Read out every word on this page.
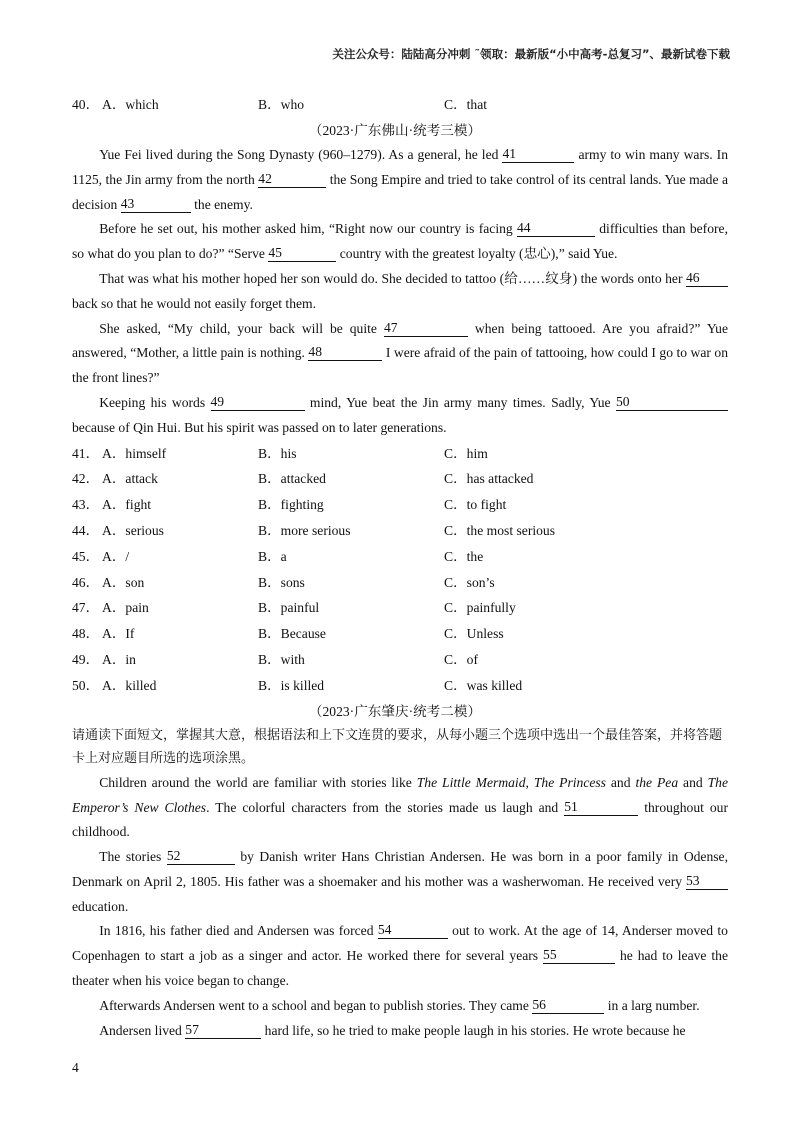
关注公众号：陆陆高分冲刺 ˜领取：最新版“小中高考-总复习”、最新试卷下载
40． A．which	B．who	C．that
（2023·广东佛山·统考三模）

Yue Fei lived during the Song Dynasty (960–1279). As a general, he led 41	army to win many wars. In 1125, the Jin army from the north 42	the Song Empire and tried to take control of its central lands. Yue made a decision 43	the enemy.

Before he set out, his mother asked him, “Right now our country is facing 44	difficulties than before, so what do you plan to do?” “Serve 45	country with the greatest loyalty (忠心),” said Yue.

That was what his mother hoped her son would do. She decided to tattoo (给……纹身) the words onto her 46 back so that he would not easily forget them.

She asked, “My child, your back will be quite 47	when being tattooed. Are you afraid?” Yue answered, “Mother, a little pain is nothing. 48	I were afraid of the pain of tattooing, how could I go to war on the front lines?”

Keeping his words 49	mind, Yue beat the Jin army many times. Sadly, Yue 50 because of Qin Hui. But his spirit was passed on to later generations.

41． A．himself	B．his	C．him
42． A．attack	B．attacked	C．has attacked
43． A．fight	B．fighting	C．to fight
44． A．serious	B．more serious	C．the most serious
45． A．/	B．a	C．the
46． A．son	B．sons	C．son’s
47． A．pain	B．painful	C．painfully
48． A．If	B．Because	C．Unless
49． A．in	B．with	C．of
50． A．killed	B．is killed	C．was killed
（2023·广东肇庆·统考二模）
请通读下面短文，掌握其大意，根据语法和上下文连贯的要求，从每小题三个选项中选出一个最佳答案，并将答题卡上对应题目所选的选项涂黑。

Children around the world are familiar with stories like The Little Mermaid, The Princess and the Pea and The Emperor’s New Clothes. The colorful characters from the stories made us laugh and 51	throughout our childhood.

The stories 52	by Danish writer Hans Christian Andersen. He was born in a poor family in Odense, Denmark on April 2, 1805. His father was a shoemaker and his mother was a washerwoman. He received very 53 education.

In 1816, his father died and Andersen was forced 54	out to work. At the age of 14, Anderser moved to Copenhagen to start a job as a singer and actor. He worked there for several years 55	he had to leave the theater when his voice began to change.

Afterwards Andersen went to a school and began to publish stories. They came 56	in a larg number.

Andersen lived 57	hard life, so he tried to make people laugh in his stories. He wrote because he

4
